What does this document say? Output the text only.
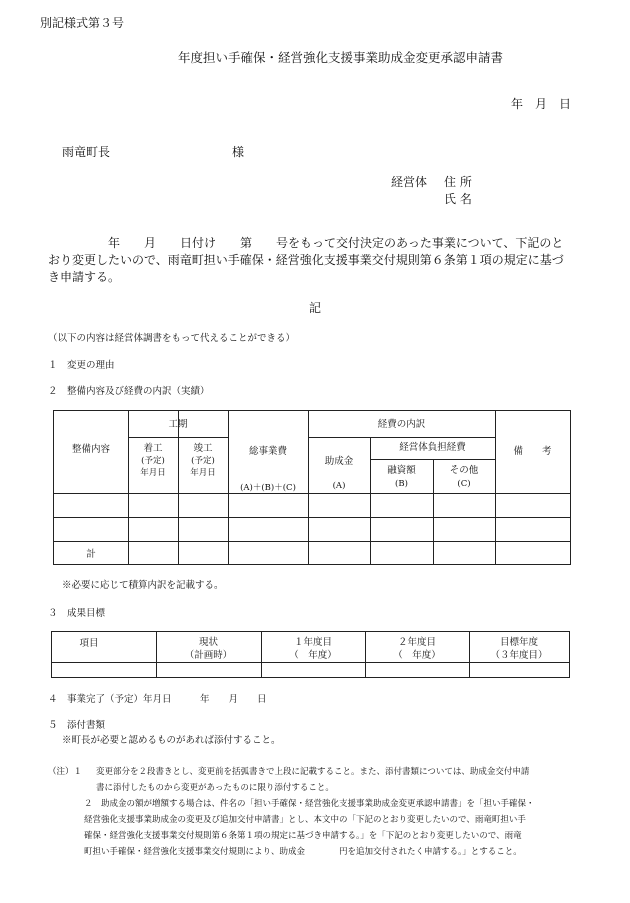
別記様式第３号
年度担い手確保・経営強化支援事業助成金変更承認申請書
年　月　日
雨竜町長	様
経営体 住 所
氏 名
年　　月　　日付け　　第　　号をもって交付決定のあった事業について、下記のと
おり変更したいので、雨竜町担い手確保・経営強化支援事業交付規則第６条第１項の規定に基づ
き申請する。
記
（以下の内容は経営体調書をもって代えることができる）
１　変更の理由
２　整備内容及び経費の内訳（実績）
整備内容
工期
着工
(予定)
年月日
竣工
(予定)
年月日
総事業費
(A)＋(B)＋(C)
経費の内訳
助成金
(A)
経営体負担経費
融資額
(B)
その他
(C)
備　　考
計
※必要に応じて積算内訳を記載する。
３　成果目標
項目	現状
（計画時）
１年度目
（　年度）
２年度目
（　年度）
目標年度
（３年度目）
４　事業完了（予定）年月日　　　年　　月　　日
５　添付書類
※町長が必要と認めるものがあれば添付すること。
（注）１ 変更部分を２段書きとし、変更前を括弧書きで上段に記載すること。また、添付書類については、助成金交付申請
書に添付したものから変更があったものに限り添付すること。
２　助成金の額が増額する場合は、件名の「担い手確保・経営強化支援事業助成金変更承認申請書」を「担い手確保・
経営強化支援事業助成金の変更及び追加交付申請書」とし、本文中の「下記のとおり変更したいので、雨竜町担い手
確保・経営強化支援事業交付規則第６条第１項の規定に基づき申請する。」を「下記のとおり変更したいので、雨竜
町担い手確保・経営強化支援事業交付規則により、助成金　　　　円を追加交付されたく申請する。」とすること。
